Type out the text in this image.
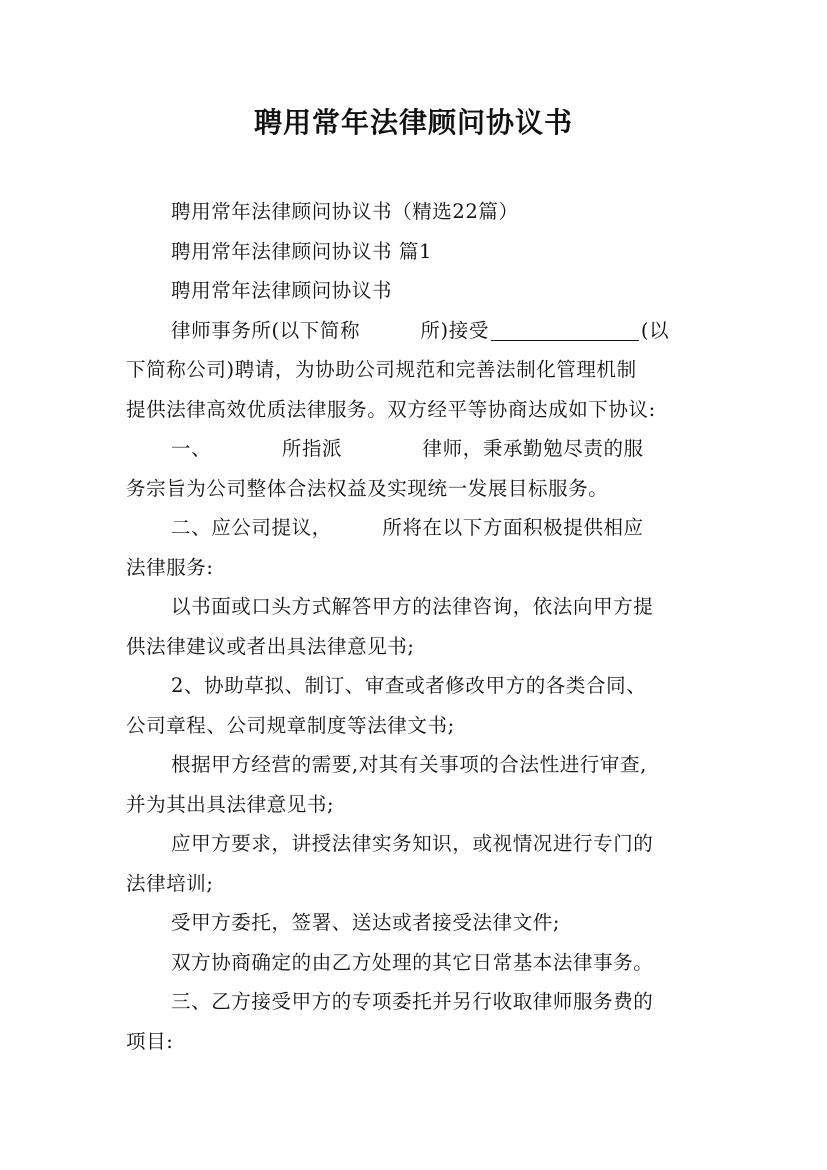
聘用常年法律顾问协议书

聘用常年法律顾问协议书（精选22篇）

聘用常年法律顾问协议书 篇1

聘用常年法律顾问协议书

律师事务所(以下简称　　　所)接受	(以
下简称公司)聘请，为协助公司规范和完善法制化管理机制
提供法律高效优质法律服务。双方经平等协商达成如下协议:

一、　　　　所指派　　　　律师，秉承勤勉尽责的服
务宗旨为公司整体合法权益及实现统一发展目标服务。

二、应公司提议，　　　所将在以下方面积极提供相应
法律服务:

以书面或口头方式解答甲方的法律咨询，依法向甲方提
供法律建议或者出具法律意见书;

2、协助草拟、制订、审查或者修改甲方的各类合同、
公司章程、公司规章制度等法律文书;

根据甲方经营的需要,对其有关事项的合法性进行审查,
并为其出具法律意见书;

应甲方要求，讲授法律实务知识，或视情况进行专门的
法律培训;

受甲方委托，签署、送达或者接受法律文件;

双方协商确定的由乙方处理的其它日常基本法律事务。

三、乙方接受甲方的专项委托并另行收取律师服务费的
项目:
